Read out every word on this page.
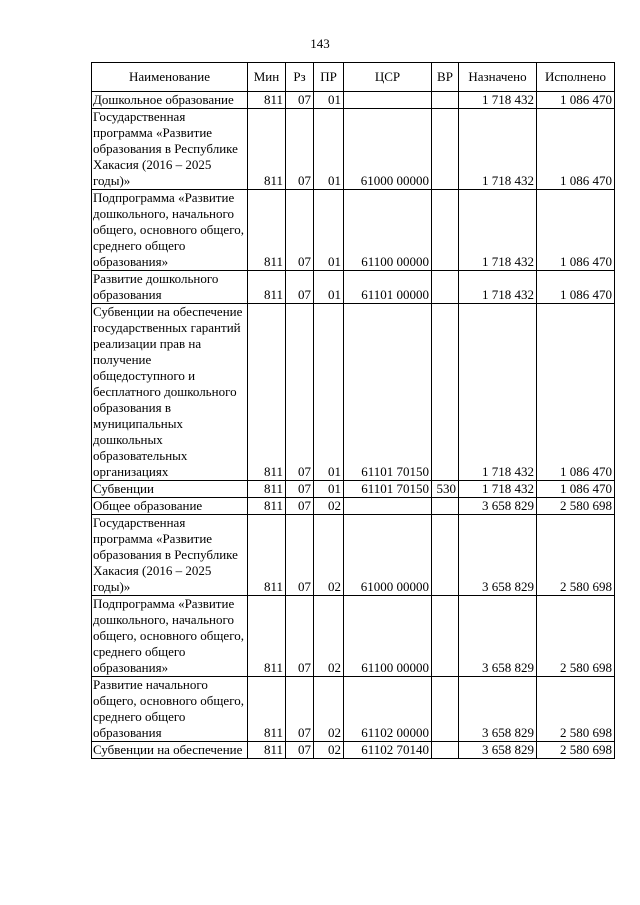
143
Наименование	Мин	Рз	ПР	ЦСР	ВР	Назначено	Исполнено
Дошкольное образование	811	07	01			1 718 432	1 086 470
Государственная программа «Развитие образования в Республике Хакасия (2016 – 2025 годы)»	811	07	01	61000 00000		1 718 432	1 086 470
Подпрограмма «Развитие дошкольного, начального общего, основного общего, среднего общего образования»	811	07	01	61100 00000		1 718 432	1 086 470
Развитие дошкольного образования	811	07	01	61101 00000		1 718 432	1 086 470
Субвенции на обеспечение государственных гарантий реализации прав на получение общедоступного и бесплатного дошкольного образования в муниципальных дошкольных образовательных организациях	811	07	01	61101 70150		1 718 432	1 086 470
Субвенции	811	07	01	61101 70150	530	1 718 432	1 086 470
Общее образование	811	07	02			3 658 829	2 580 698
Государственная программа «Развитие образования в Республике Хакасия (2016 – 2025 годы)»	811	07	02	61000 00000		3 658 829	2 580 698
Подпрограмма «Развитие дошкольного, начального общего, основного общего, среднего общего образования»	811	07	02	61100 00000		3 658 829	2 580 698
Развитие начального общего, основного общего, среднего общего образования	811	07	02	61102 00000		3 658 829	2 580 698
Субвенции на обеспечение	811	07	02	61102 70140		3 658 829	2 580 698
